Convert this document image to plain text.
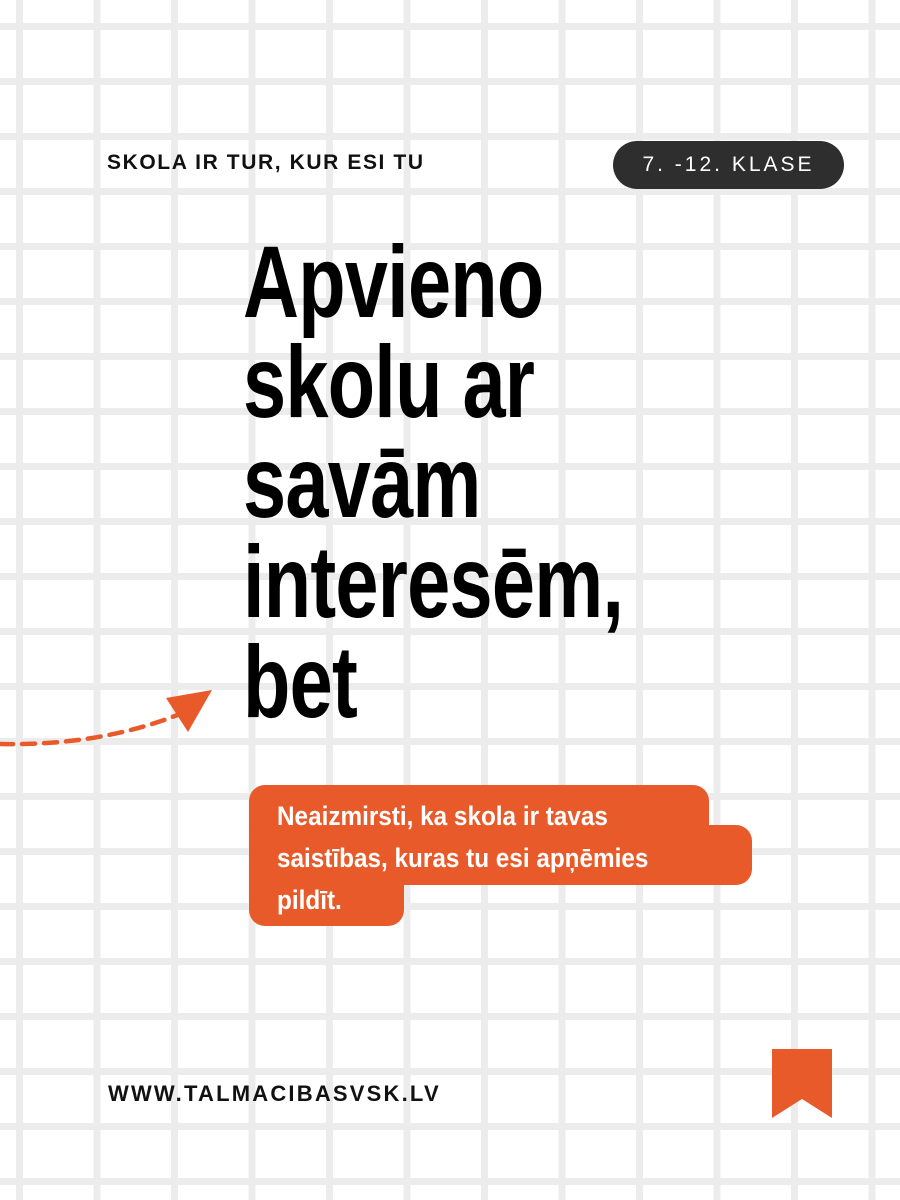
SKOLA IR TUR, KUR ESI TU	7. -12. KLASE
Apvieno
skolu ar
savām
interesēm,
bet

Neaizmirsti, ka skola ir tavas
saistības, kuras tu esi apņēmies
pildīt.

WWW.TALMACIBASVSK.LV
